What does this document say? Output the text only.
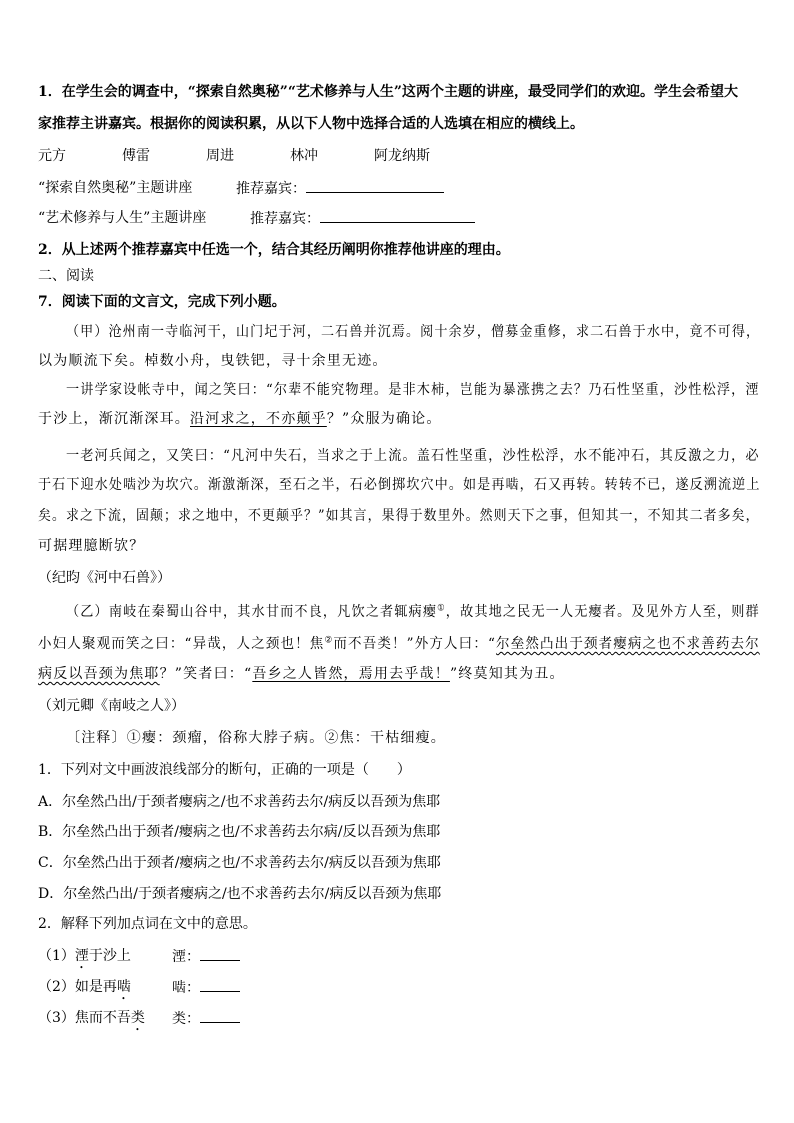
1．在学生会的调查中，“探索自然奥秘”“艺术修养与人生”这两个主题的讲座，最受同学们的欢迎。学生会希望大
家推荐主讲嘉宾。根据你的阅读积累，从以下人物中选择合适的人选填在相应的横线上。
元方	傅雷	周进	林冲	阿龙纳斯
“探索自然奥秘”主题讲座	推荐嘉宾：
“艺术修养与人生”主题讲座	推荐嘉宾：
2．从上述两个推荐嘉宾中任选一个，结合其经历阐明你推荐他讲座的理由。
二、阅读
7．阅读下面的文言文，完成下列小题。
（甲）沧州南一寺临河干，山门圮于河，二石兽并沉焉。阅十余岁，僧募金重修，求二石兽于水中，竟不可得，
以为顺流下矣。棹数小舟，曳铁钯，寻十余里无迹。
一讲学家设帐寺中，闻之笑曰：“尔辈不能究物理。是非木柿，岂能为暴涨携之去？乃石性坚重，沙性松浮，湮
于沙上，渐沉渐深耳。沿河求之，不亦颠乎？”众服为确论。
一老河兵闻之，又笑曰：“凡河中失石，当求之于上流。盖石性坚重，沙性松浮，水不能冲石，其反激之力，必
于石下迎水处啮沙为坎穴。渐激渐深，至石之半，石必倒掷坎穴中。如是再啮，石又再转。转转不已，遂反溯流逆上
矣。求之下流，固颠；求之地中，不更颠乎？”如其言，果得于数里外。然则天下之事，但知其一，不知其二者多矣，
可据理臆断欤？
（纪昀《河中石兽》）
（乙）南岐在秦蜀山谷中，其水甘而不良，凡饮之者辄病瘿①，故其地之民无一人无瘿者。及见外方人至，则群
小妇人聚观而笑之曰：“异哉，人之颈也！焦②而不吾类！”外方人曰：“尔垒然凸出于颈者瘿病之也不求善药去尔
病反以吾颈为焦耶？”笑者曰：“吾乡之人皆然，焉用去乎哉！”终莫知其为丑。
（刘元卿《南岐之人》）
〔注释〕①瘿：颈瘤，俗称大脖子病。②焦：干枯细瘦。
1．下列对文中画波浪线部分的断句，正确的一项是（　　）
A．尔垒然凸出/于颈者瘿病之/也不求善药去尔/病反以吾颈为焦耶
B．尔垒然凸出于颈者/瘿病之也/不求善药去尔病/反以吾颈为焦耶
C．尔垒然凸出于颈者/瘿病之也/不求善药去尔/病反以吾颈为焦耶
D．尔垒然凸出/于颈者瘿病之/也不求善药去尔/病反以吾颈为焦耶
2．解释下列加点词在文中的意思。
（1）湮于沙上	湮：
（2）如是再啮	啮：
（3）焦而不吾类 类：
